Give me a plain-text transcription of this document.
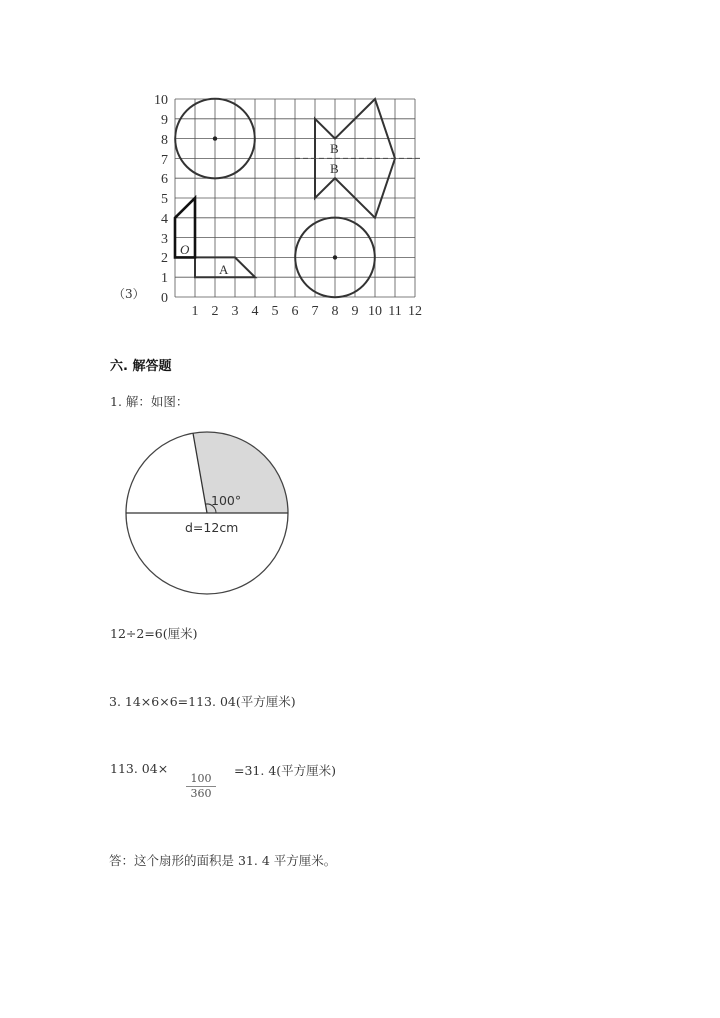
（3）
O
A
B
B
0
1
2
3
4
5
6
7
8
9
10
1 2 3 4 5 6 7 8 9 10 11 12
六. 解答题
1. 解：如图：
100°
d=12cm
12÷2=6(厘米)
3. 14×6×6=113. 04(平方厘米)
113. 04×
$\frac{100}{360}$
=31. 4(平方厘米)
答：这个扇形的面积是 31. 4 平方厘米。
